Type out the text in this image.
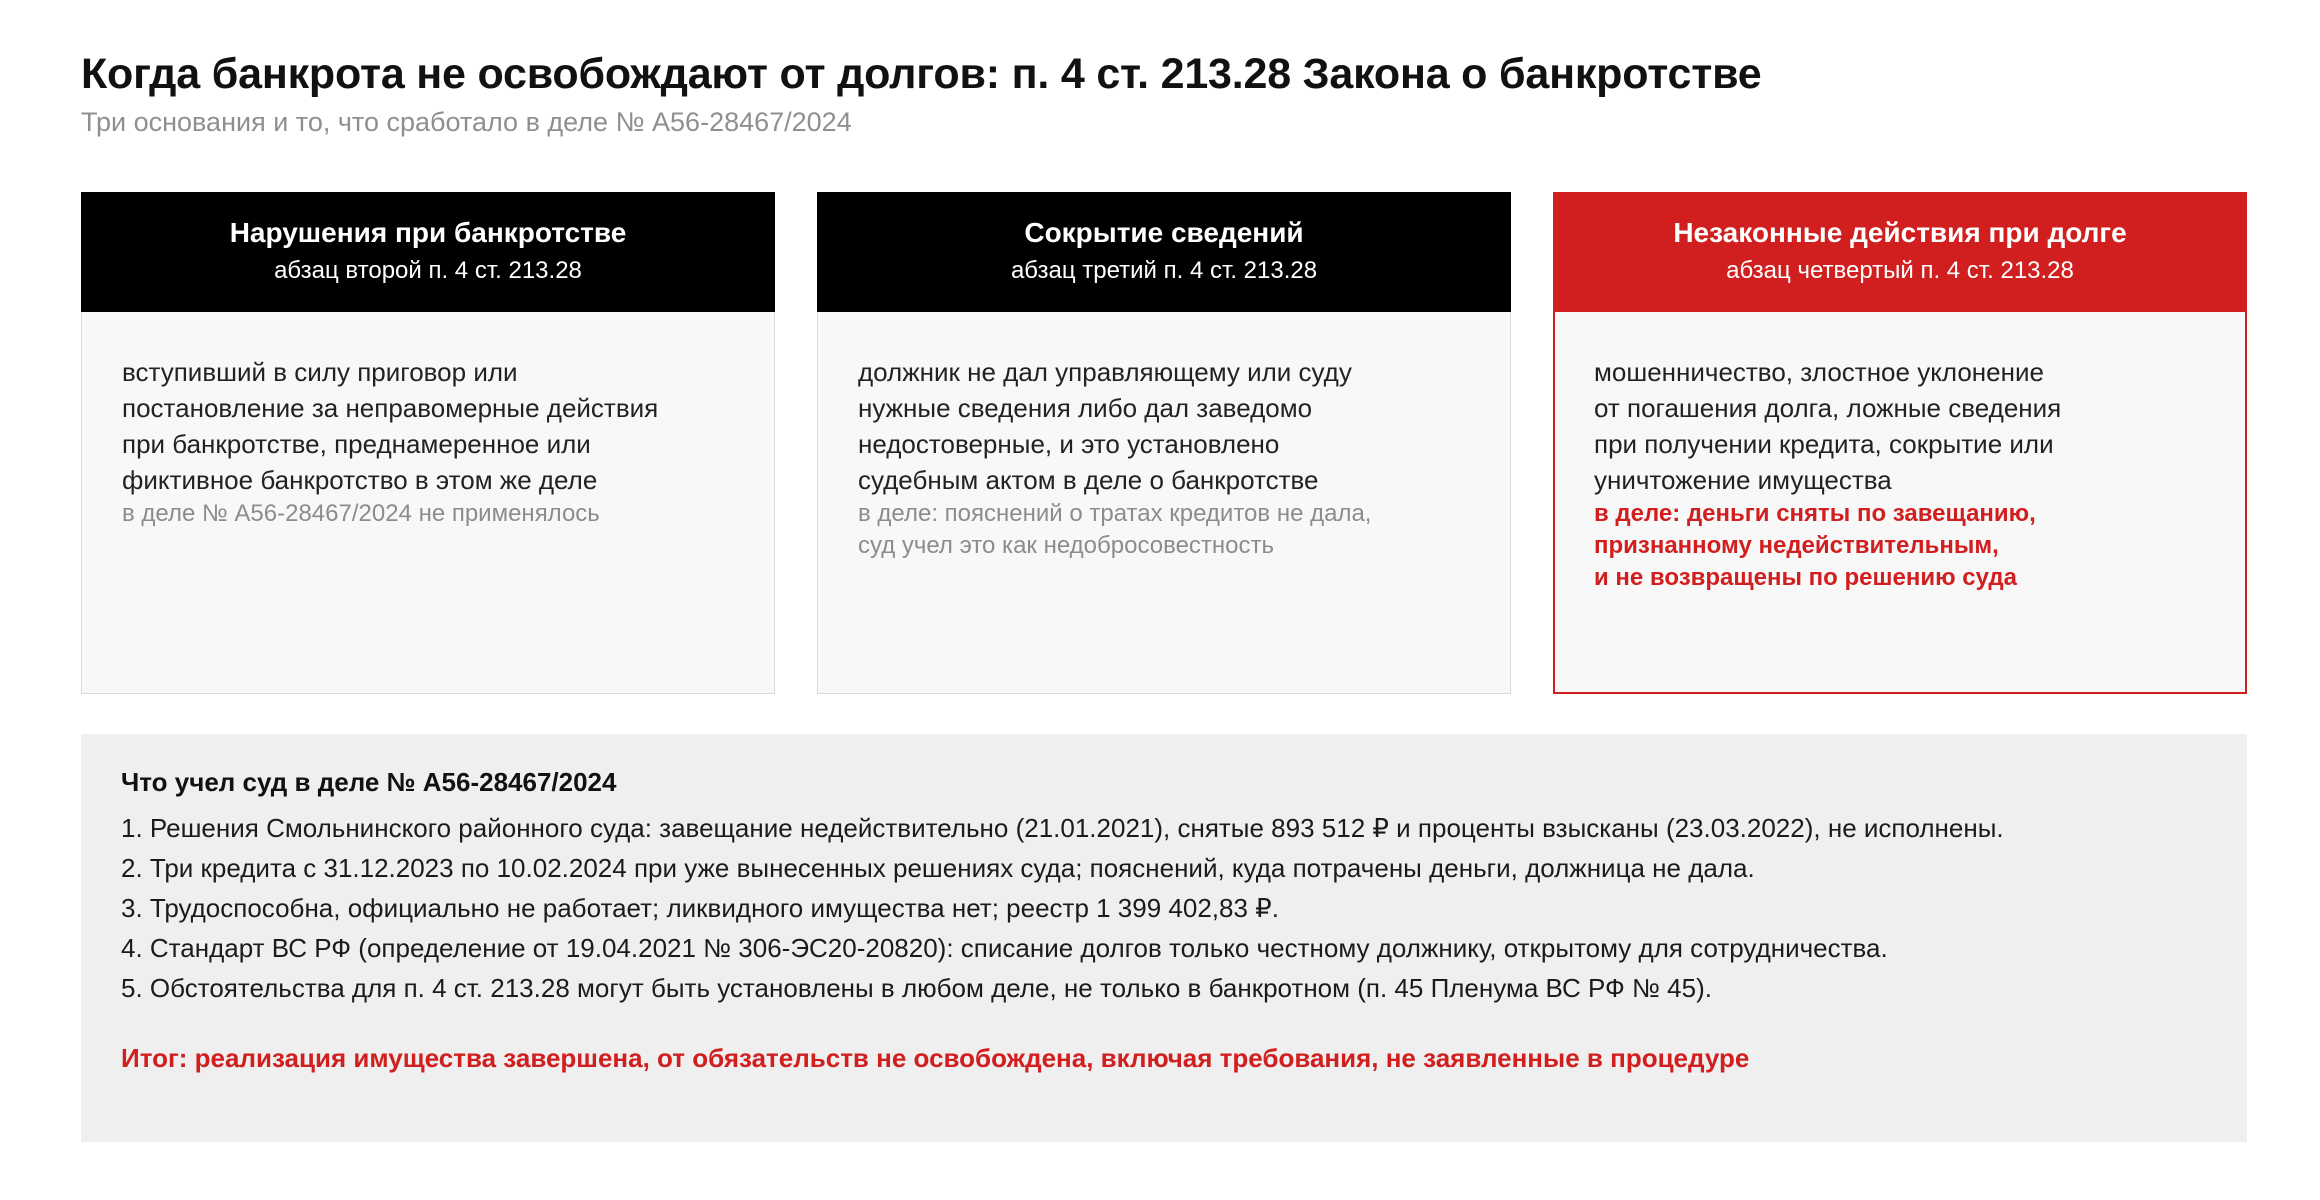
Когда банкрота не освобождают от долгов: п. 4 ст. 213.28 Закона о банкротстве
Три основания и то, что сработало в деле № А56-28467/2024
Нарушения при банкротстве
абзац второй п. 4 ст. 213.28

вступивший в силу приговор или
постановление за неправомерные действия
при банкротстве, преднамеренное или
фиктивное банкротство в этом же деле

в деле № А56-28467/2024 не применялось
Сокрытие сведений
абзац третий п. 4 ст. 213.28

должник не дал управляющему или суду
нужные сведения либо дал заведомо
недостоверные, и это установлено
судебным актом в деле о банкротстве

в деле: пояснений о тратах кредитов не дала,
суд учел это как недобросовестность
Незаконные действия при долге
абзац четвертый п. 4 ст. 213.28

мошенничество, злостное уклонение
от погашения долга, ложные сведения
при получении кредита, сокрытие или
уничтожение имущества

в деле: деньги сняты по завещанию,
признанному недействительным,
и не возвращены по решению суда
Что учел суд в деле № А56-28467/2024
1. Решения Смольнинского районного суда: завещание недействительно (21.01.2021), снятые 893 512 ₽ и проценты взысканы (23.03.2022), не исполнены.
2. Три кредита с 31.12.2023 по 10.02.2024 при уже вынесенных решениях суда; пояснений, куда потрачены деньги, должница не дала.
3. Трудоспособна, официально не работает; ликвидного имущества нет; реестр 1 399 402,83 ₽.
4. Стандарт ВС РФ (определение от 19.04.2021 № 306-ЭС20-20820): списание долгов только честному должнику, открытому для сотрудничества.
5. Обстоятельства для п. 4 ст. 213.28 могут быть установлены в любом деле, не только в банкротном (п. 45 Пленума ВС РФ № 45).
Итог: реализация имущества завершена, от обязательств не освобождена, включая требования, не заявленные в процедуре
